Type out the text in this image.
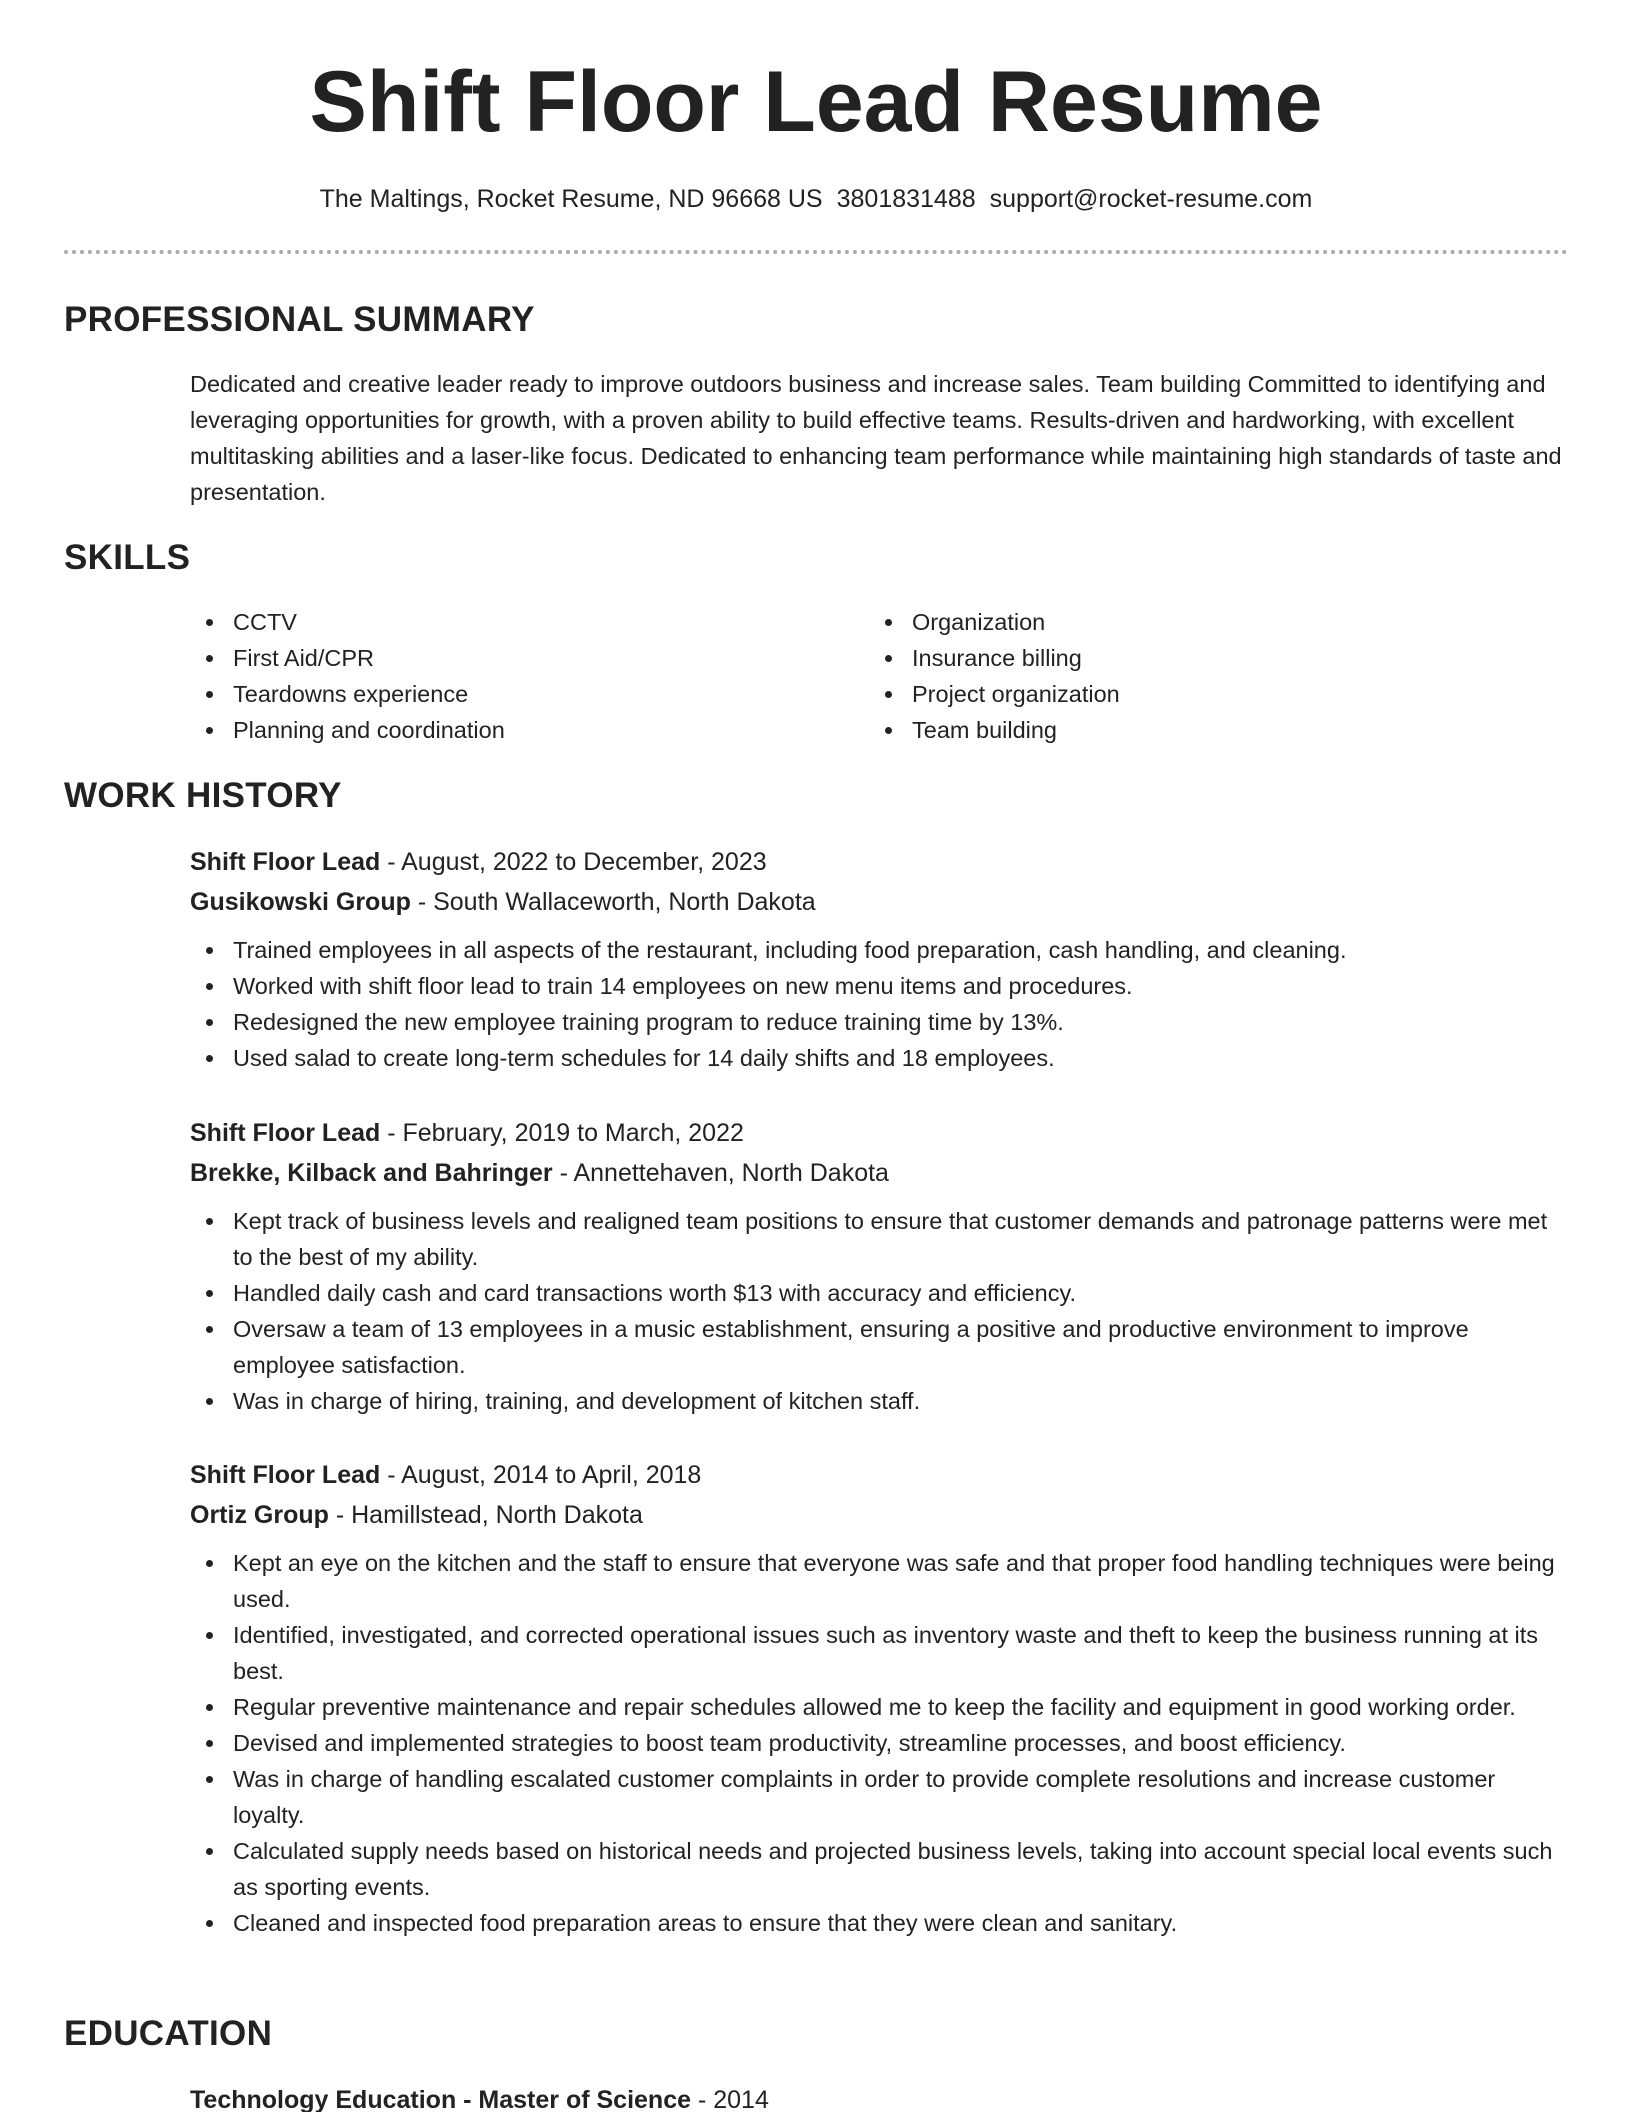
Shift Floor Lead Resume
The Maltings, Rocket Resume, ND 96668 US 3801831488 support@rocket-resume.com
PROFESSIONAL SUMMARY

Dedicated and creative leader ready to improve outdoors business and increase sales. Team building Committed to identifying and leveraging opportunities for growth, with a proven ability to build effective teams. Results-driven and hardworking, with excellent multitasking abilities and a laser-like focus. Dedicated to enhancing team performance while maintaining high standards of taste and presentation.

SKILLS
CCTV
First Aid/CPR
Teardowns experience
Planning and coordination
Organization
Insurance billing
Project organization
Team building
WORK HISTORY
Shift Floor Lead - August, 2022 to December, 2023
Gusikowski Group - South Wallaceworth, North Dakota
Trained employees in all aspects of the restaurant, including food preparation, cash handling, and cleaning.
Worked with shift floor lead to train 14 employees on new menu items and procedures.
Redesigned the new employee training program to reduce training time by 13%.
Used salad to create long-term schedules for 14 daily shifts and 18 employees.
Shift Floor Lead - February, 2019 to March, 2022
Brekke, Kilback and Bahringer - Annettehaven, North Dakota
Kept track of business levels and realigned team positions to ensure that customer demands and patronage patterns were met to the best of my ability.
Handled daily cash and card transactions worth $13 with accuracy and efficiency.
Oversaw a team of 13 employees in a music establishment, ensuring a positive and productive environment to improve employee satisfaction.
Was in charge of hiring, training, and development of kitchen staff.
Shift Floor Lead - August, 2014 to April, 2018
Ortiz Group - Hamillstead, North Dakota
Kept an eye on the kitchen and the staff to ensure that everyone was safe and that proper food handling techniques were being used.
Identified, investigated, and corrected operational issues such as inventory waste and theft to keep the business running at its best.
Regular preventive maintenance and repair schedules allowed me to keep the facility and equipment in good working order.
Devised and implemented strategies to boost team productivity, streamline processes, and boost efficiency.
Was in charge of handling escalated customer complaints in order to provide complete resolutions and increase customer loyalty.
Calculated supply needs based on historical needs and projected business levels, taking into account special local events such as sporting events.
Cleaned and inspected food preparation areas to ensure that they were clean and sanitary.
EDUCATION
Technology Education - Master of Science - 2014
